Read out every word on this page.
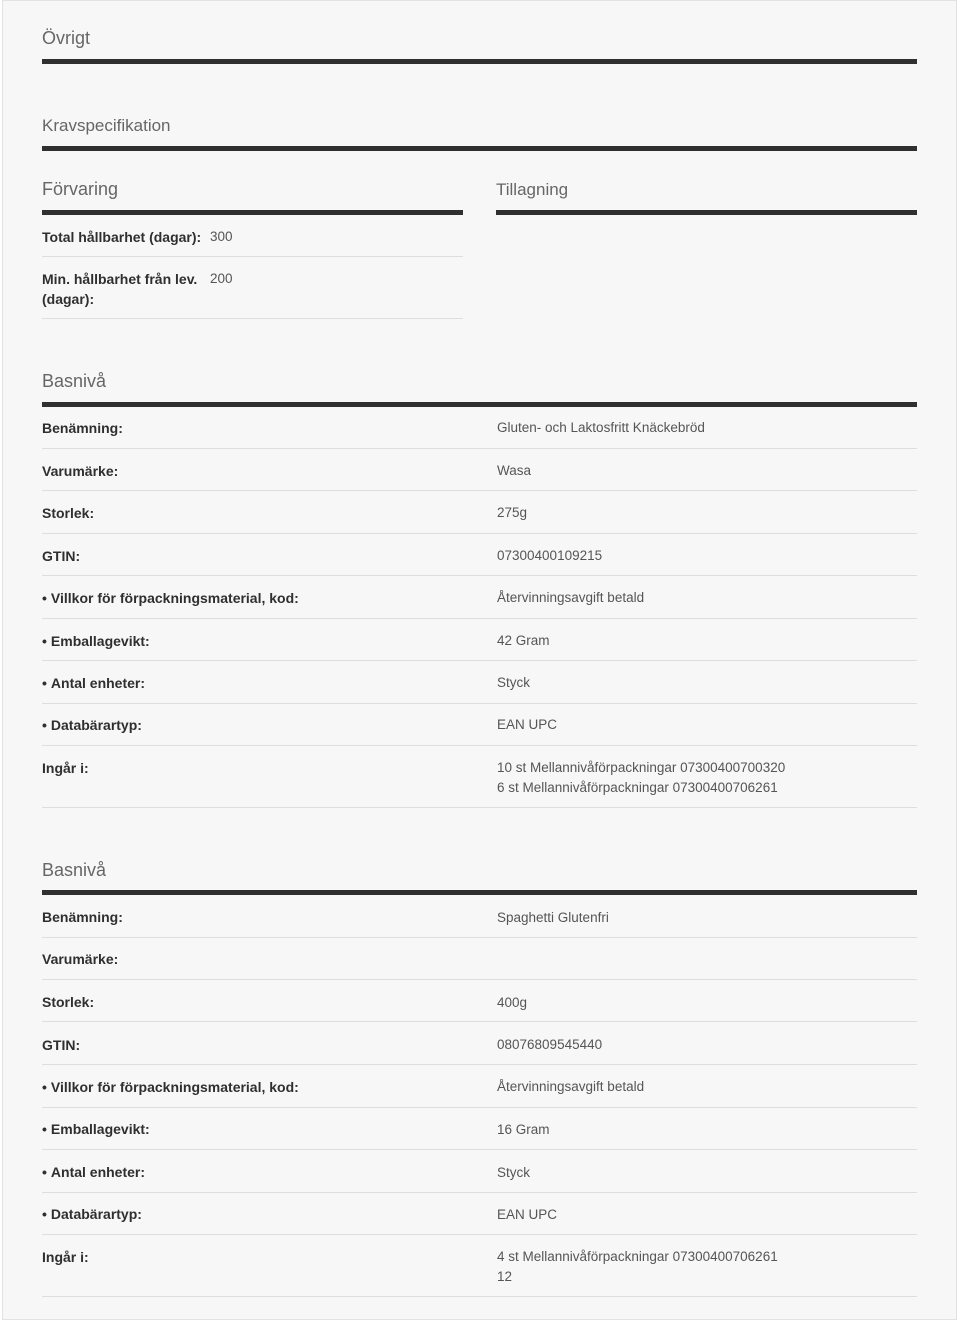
Övrigt
Kravspecifikation
Förvaring	Tillagning
Total hållbarhet (dagar): 300
Min. hållbarhet från lev.
(dagar):
200
Basnivå
Benämning:	Gluten- och Laktosfritt Knäckebröd
Varumärke:	Wasa
Storlek:	275g
GTIN:	07300400109215
• Villkor för förpackningsmaterial, kod:	Återvinningsavgift betald
• Emballagevikt:	42 Gram
• Antal enheter:	Styck
• Databärartyp:	EAN UPC
Ingår i:	10 st Mellannivåförpackningar 07300400700320
6 st Mellannivåförpackningar 07300400706261
Basnivå
Benämning:	Spaghetti Glutenfri
Varumärke:
Storlek:	400g
GTIN:	08076809545440
• Villkor för förpackningsmaterial, kod:	Återvinningsavgift betald
• Emballagevikt:	16 Gram
• Antal enheter:	Styck
• Databärartyp:	EAN UPC
Ingår i:	4 st Mellannivåförpackningar 07300400706261
12
